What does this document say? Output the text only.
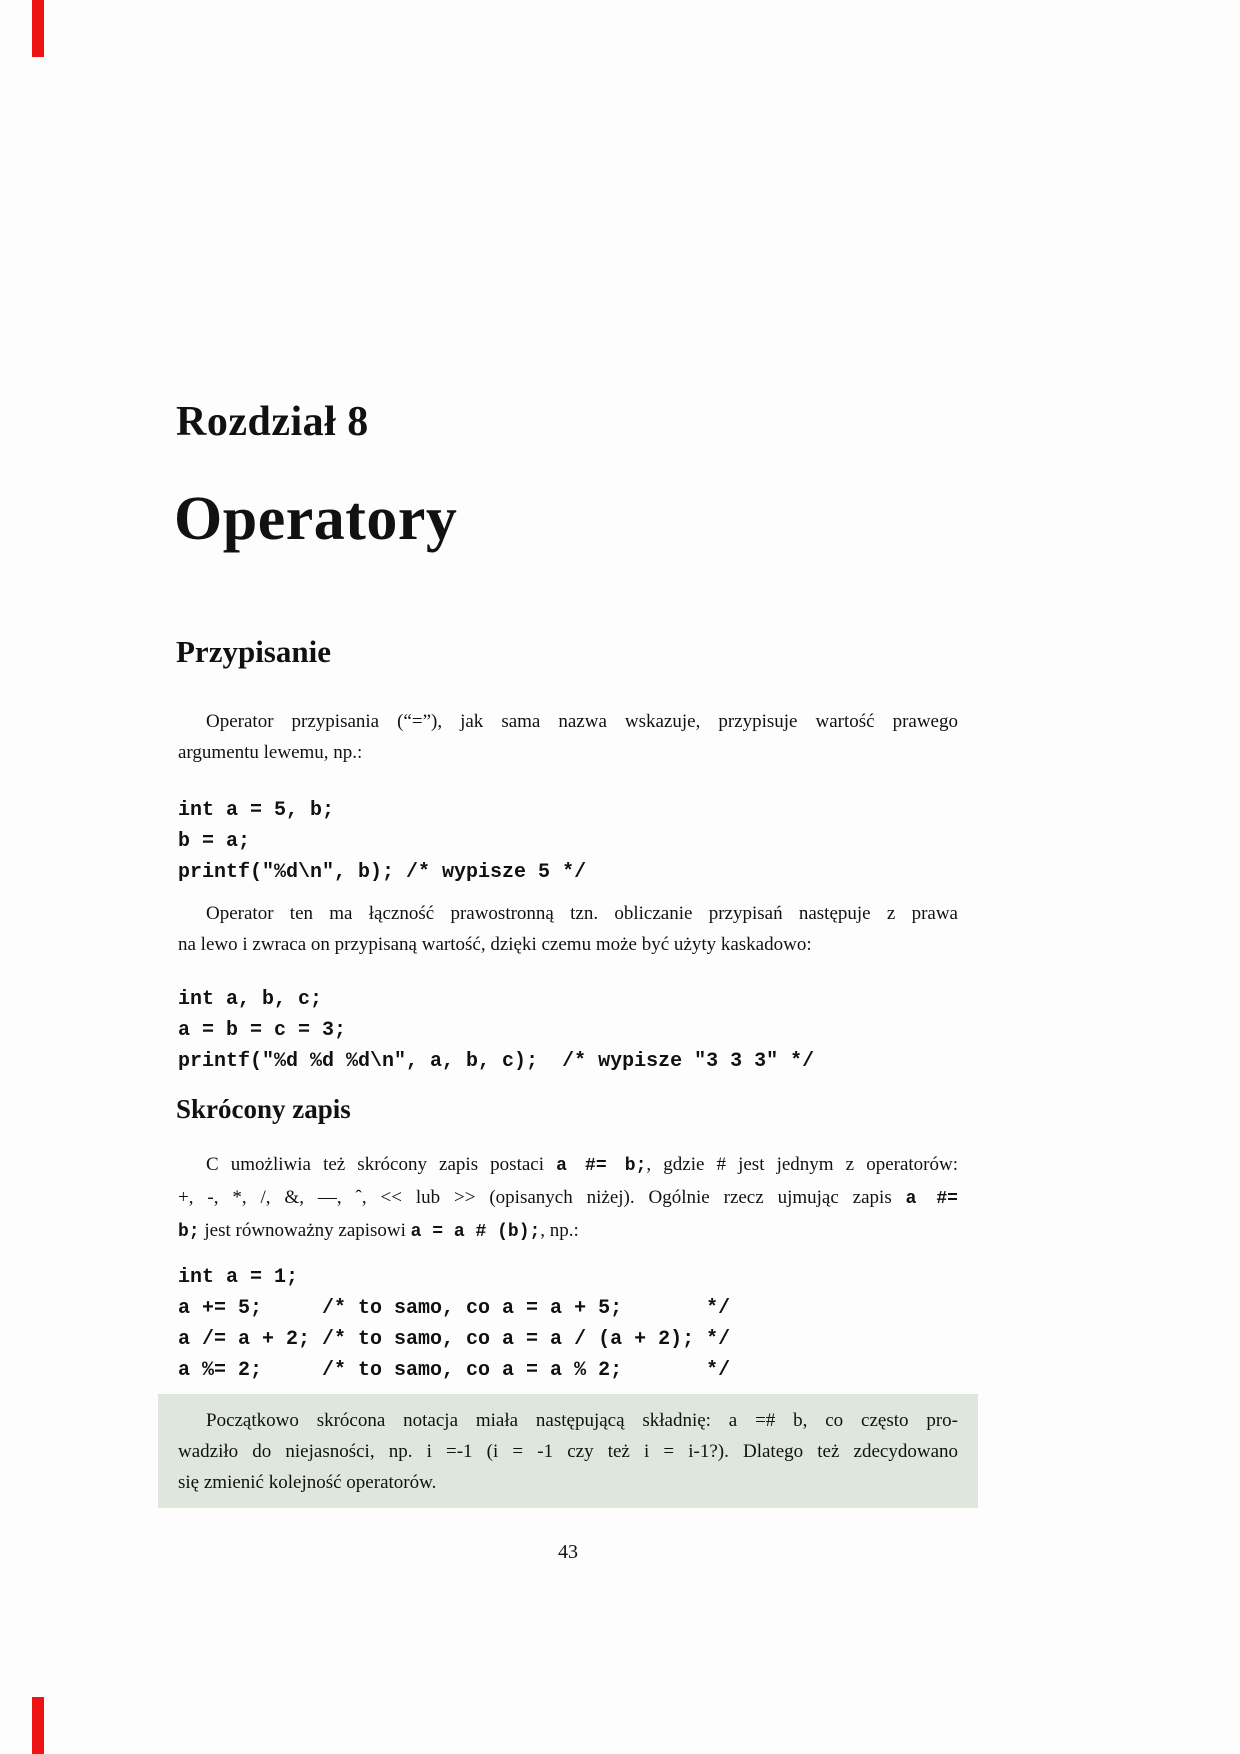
Rozdział 8
Operatory
Przypisanie
Operator przypisania (“=”), jak sama nazwa wskazuje, przypisuje wartość prawego
argumentu lewemu, np.:
int a = 5, b;
b = a;
printf("%d\n", b); /* wypisze 5 */
Operator ten ma łączność prawostronną tzn. obliczanie przypisań następuje z prawa
na lewo i zwraca on przypisaną wartość, dzięki czemu może być użyty kaskadowo:
int a, b, c;
a = b = c = 3;
printf("%d %d %d\n", a, b, c);  /* wypisze "3 3 3" */
Skrócony zapis
C umożliwia też skrócony zapis postaci a #= b;, gdzie # jest jednym z operatorów:
+, -, *, /, &, —, ˆ, << lub >> (opisanych niżej). Ogólnie rzecz ujmując zapis a #=
b; jest równoważny zapisowi a = a # (b);, np.:
int a = 1;
a += 5;     /* to samo, co a = a + 5;       */
a /= a + 2; /* to samo, co a = a / (a + 2); */
a %= 2;     /* to samo, co a = a % 2;       */
Początkowo skrócona notacja miała następującą składnię: a =# b, co często pro-
wadziło do niejasności, np. i =-1 (i = -1 czy też i = i-1?). Dlatego też zdecydowano
się zmienić kolejność operatorów.
43
